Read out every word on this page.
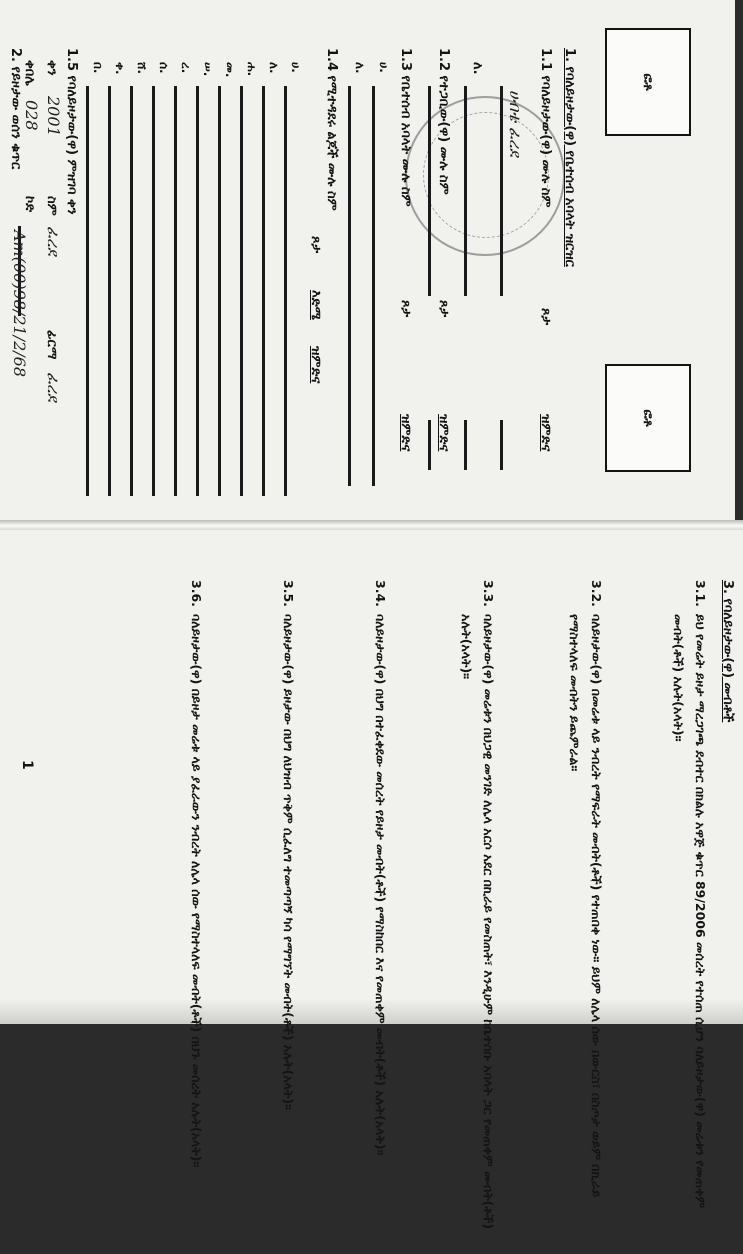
ፎቶ
ፎቶ
1. የባለይዞታው(ዋ) የቤተሰብ አባላት ዝርዝር
1.1 የባለይዞታው(ዋ) ሙሉ ስም
ጾታ
ዝምድና
ሀብቴ ፈረደ
ለ.
1.2 የተጋቢው(ዋ) ሙሉ ስም
ጾታ
ዝምድና
1.3 የቤተሰብ አባላት ሙሉ ስም
ጾታ
ዝምድና
ሀ.
ለ.
1.4 የሚተዳደሩ ልጆች ሙሉ ስም
ጾታ
እድሜ
ዝምድና
ሀ.
ለ.
ሐ.
መ.
ሠ.
ረ.
ሰ.
ሸ.
ቀ.
በ.
1.5 የባለይዞታው(ዋ) ምዝገባ ቀን
ቀን
2001
ስም
ፈረደ
ፊርማ
ፈረደ
ቀበሌ
028
ኮድ
2. የይዞታው ወሰን ቁጥር
Am(00)98/21/2/68
3. የባለይዞታው(ዋ) መብቶች
3.1.
ይህ የመሬት ይዞታ ማረጋገጫ ደብተር በክልሉ አዋጅ ቁጥር 89/2006 መሰረት የተሰጠ ሲሆን ባለይዞታው(ዋ) መሬቱን የመጠቀም መብት(ቶች) አሉት(አላት)።
3.2.
ባለይዞታው(ዋ) በመሬቱ ላይ ንብረት የማፍራት መብት(ቶች) የተጠበቀ ነው። ይህም ለሌላ ሰው በውርስ፣ በስጦታ ወይም በኪራይ የማስተላለፍ መብትን ይጨምራል።
3.3.
ባለይዞታው(ዋ) መሬቱን በህጋዊ መንገድ ለሌላ አርሶ አደር በኪራይ የመስጠት፣ እንዲሁም ከቤተሰቡ አባላት ጋር የመጠቀም መብት(ቶች) አሉት(አላት)።
3.4.
ባለይዞታው(ዋ) በህግ በተፈቀደው መሰረት የይዞታ መብት(ቶች) የማስከበር እና የመጠቀም መብት(ቶች) አሉት(አላት)።
3.5.
ባለይዞታው(ዋ) ይዞታው በህግ ለህዝብ ጥቅም ሲፈለግ ተመጣጣኝ ካሳ የማግኘት መብት(ቶች) አሉት(አላት)።
3.6.
ባለይዞታው(ዋ) በይዞታ መሬቱ ላይ ያፈራውን ንብረት ለሌላ ሰው የማስተላለፍ መብት(ቶች) በህጉ መሰረት አሉት(አላት)።
1
